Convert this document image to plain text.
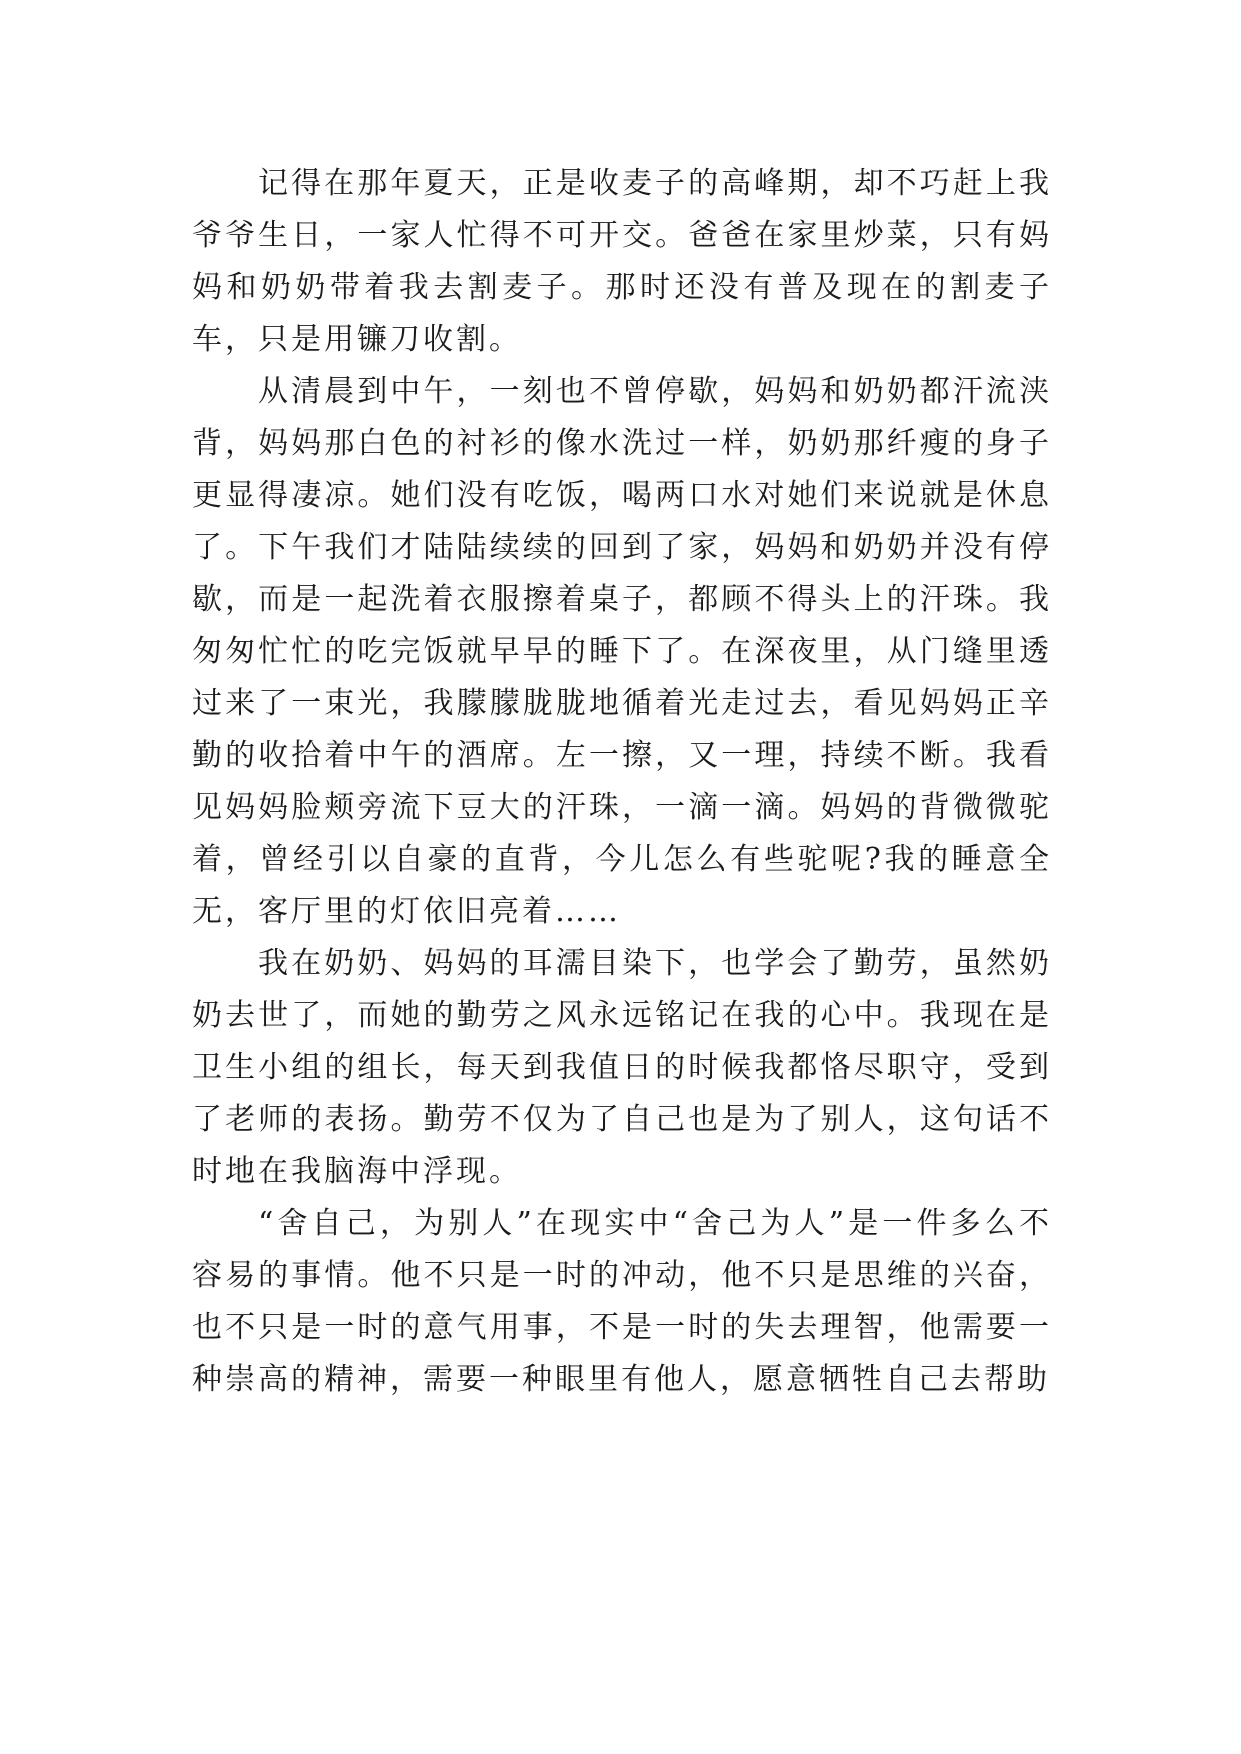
记得在那年夏天，正是收麦子的高峰期，却不巧赶上我爷爷生日，一家人忙得不可开交。爸爸在家里炒菜，只有妈妈和奶奶带着我去割麦子。那时还没有普及现在的割麦子车，只是用镰刀收割。

从清晨到中午，一刻也不曾停歇，妈妈和奶奶都汗流浃背，妈妈那白色的衬衫的像水洗过一样，奶奶那纤瘦的身子更显得凄凉。她们没有吃饭，喝两口水对她们来说就是休息了。下午我们才陆陆续续的回到了家，妈妈和奶奶并没有停歇，而是一起洗着衣服擦着桌子，都顾不得头上的汗珠。我匆匆忙忙的吃完饭就早早的睡下了。在深夜里，从门缝里透过来了一束光，我朦朦胧胧地循着光走过去，看见妈妈正辛勤的收拾着中午的酒席。左一擦，又一理，持续不断。我看见妈妈脸颊旁流下豆大的汗珠，一滴一滴。妈妈的背微微驼着，曾经引以自豪的直背，今儿怎么有些驼呢?我的睡意全无，客厅里的灯依旧亮着……

我在奶奶、妈妈的耳濡目染下，也学会了勤劳，虽然奶奶去世了，而她的勤劳之风永远铭记在我的心中。我现在是卫生小组的组长，每天到我值日的时候我都恪尽职守，受到了老师的表扬。勤劳不仅为了自己也是为了别人，这句话不时地在我脑海中浮现。

“舍自己，为别人”在现实中“舍己为人”是一件多么不容易的事情。他不只是一时的冲动，他不只是思维的兴奋，也不只是一时的意气用事，不是一时的失去理智，他需要一种崇高的精神，需要一种眼里有他人，愿意牺牲自己去帮助
